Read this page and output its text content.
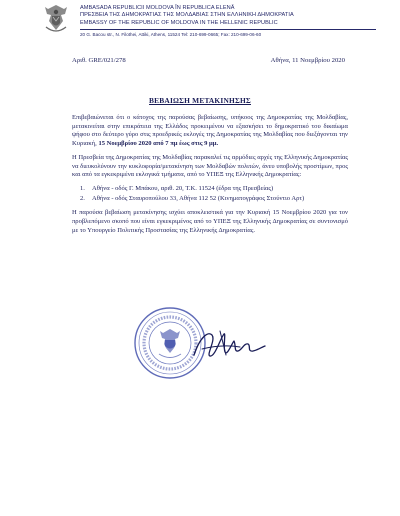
AMBASADA REPUBLICII MOLDOVA ÎN REPUBLICA ELENĂ
ΠΡΕΣΒΕΙΑ ΤΗΣ ΔΗΜΟΚΡΑΤΙΑΣ ΤΗΣ ΜΟΛΔΑΒΙΑΣ ΣΤΗΝ ΕΛΛΗΝΙΚΗ ΔΗΜΟΚΡΑΤΙΑ
EMBASSY OF THE REPUBLIC OF MOLDOVA IN THE HELLENIC REPUBLIC
20 G. Bacou str., N. Filothei, Attiki, Athens, 11524 Tel: 210-699-0665; Fax: 210-699-06-60
Αριθ. GRE/021/278	Αθήνα, 11 Νοεμβρίου 2020
ΒΕΒΑΙΩΣΗ ΜΕΤΑΚΙΝΗΣΗΣ

Επιβεβαιώνεται ότι ο κάτοχος της παρούσας βεβαίωσης, υπήκοος της Δημοκρατίας της Μολδαβίας, μετακινείται στην επικράτεια της Ελλάδος προκειμένου να εξασκήσει το δημοκρατικό του δικαίωμα ψήφου στο δεύτερο γύρο στις προεδρικές εκλογές της Δημοκρατίας της Μολδαβίας που διεξάγονται την Κυριακή, 15 Νοεμβρίου 2020 από 7 πμ έως στις 9 μμ.

Η Πρεσβεία της Δημοκρατίας της Μολδαβίας παρακαλεί τις αρμόδιες αρχές της Ελληνικής Δημοκρατίας να διευκολύνουν την κυκλοφορία/μετακίνηση των Μολδαβών πολιτών, άνευ υποβολής προστίμων, προς και από τα εγκεκριμένα εκλογικά τμήματα, από το ΥΠΕΞ της Ελληνικής Δημοκρατίας:

1.	Αθήνα - οδός Γ. Μπάκου, αριθ. 20, Τ.Κ. 11524 (έδρα της Πρεσβείας)
2.	Αθήνα - οδός Σταυροπούλου 33, Αθήνα 112 52 (Κινηματογράφος Στούντιο Αρτ)

Η παρούσα βεβαίωση μετακίνησης ισχύει αποκλειστικά για την Κυριακή 15 Νοεμβρίου 2020 για τον προβλεπόμενο σκοπό που είναι εγκεκριμένος από το ΥΠΕΞ της Ελληνικής Δημοκρατίας σε συντονισμό με το Υπουργείο Πολιτικής Προστασίας της Ελληνικής Δημοκρατίας.
